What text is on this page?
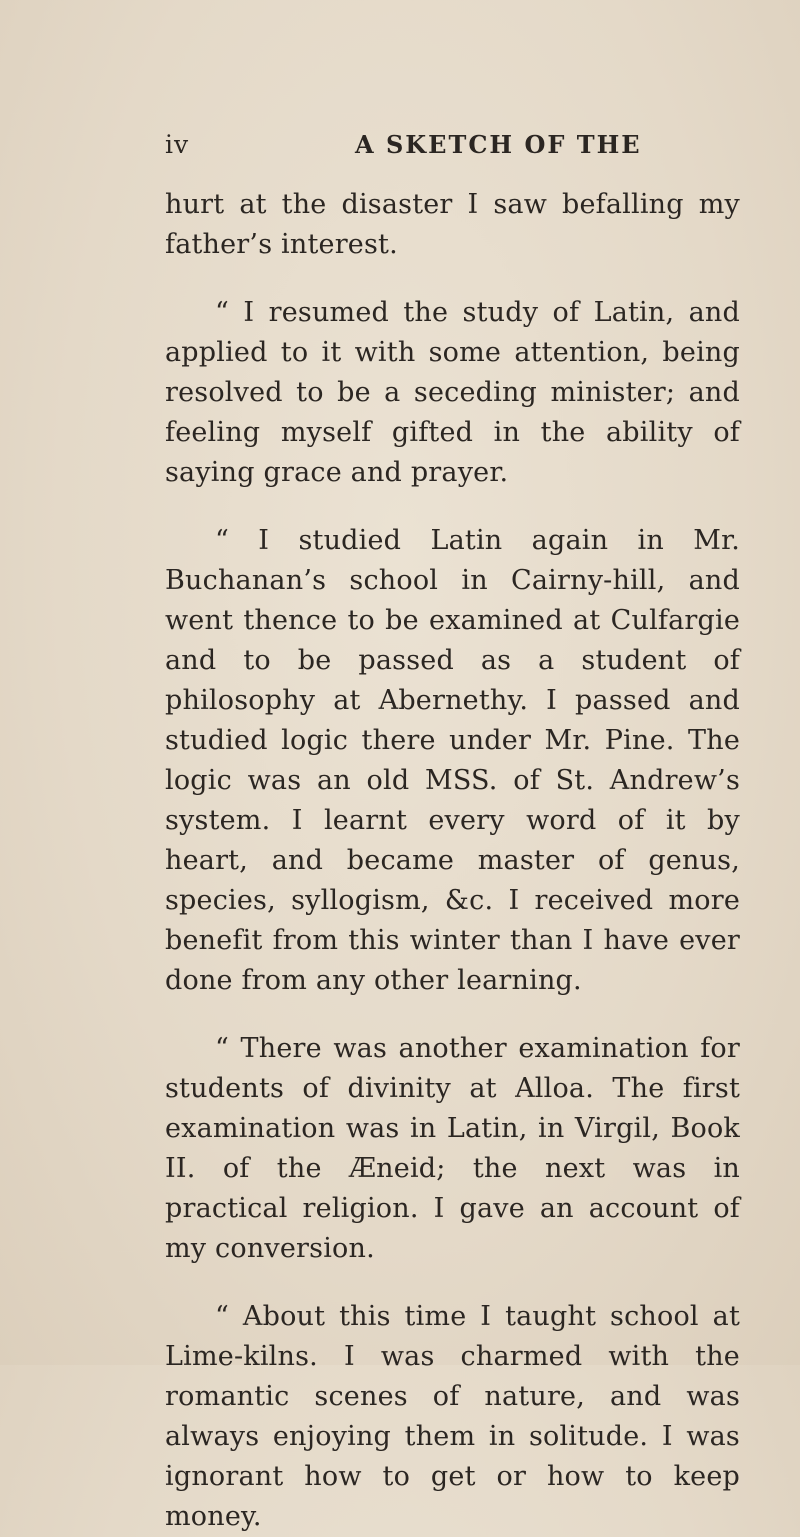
iv	A SKETCH OF THE

hurt at the disaster I saw befalling my father’s interest.

“ I resumed the study of Latin, and applied to it with some attention, being resolved to be a seceding minister; and feeling myself gifted in the ability of saying grace and prayer.

“ I studied Latin again in Mr. Buchanan’s school in Cairny-hill, and went thence to be examined at Culfargie and to be passed as a student of philosophy at Abernethy. I passed and studied logic there under Mr. Pine. The logic was an old MSS. of St. Andrew’s system. I learnt every word of it by heart, and became master of genus, species, syllogism, &c. I received more benefit from this winter than I have ever done from any other learning.

“ There was another examination for students of divinity at Alloa. The first examination was in Latin, in Virgil, Book II. of the Æneid; the next was in practical religion. I gave an account of my conversion.

“ About this time I taught school at Lime-kilns. I was charmed with the romantic scenes of nature, and was always enjoying them in solitude. I was ignorant how to get or how to keep money.
